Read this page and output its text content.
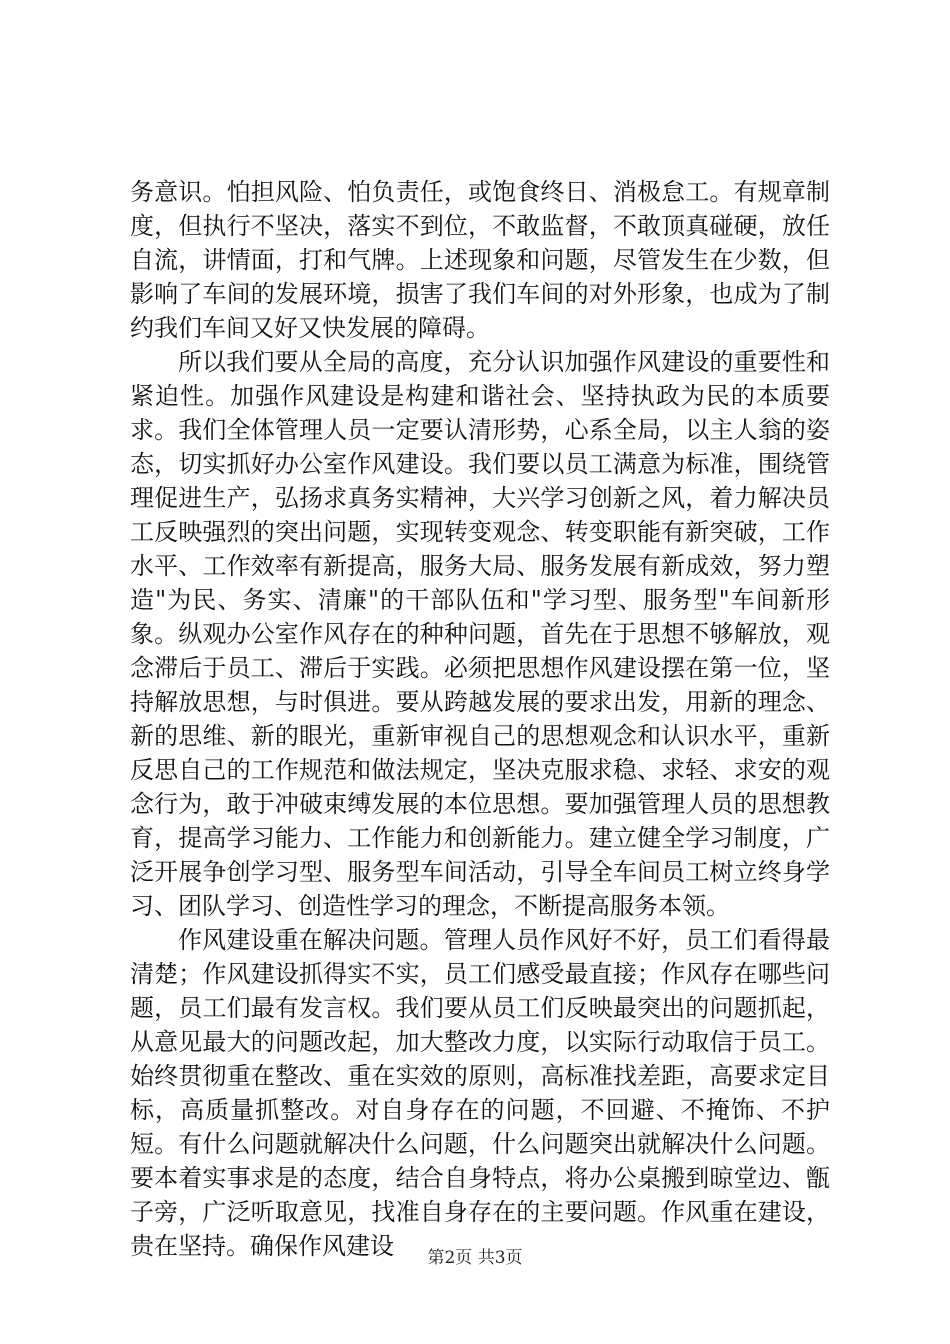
务意识。怕担风险、怕负责任，或饱食终日、消极怠工。有规章制度，但执行不坚决，落实不到位，不敢监督，不敢顶真碰硬，放任自流，讲情面，打和气牌。上述现象和问题，尽管发生在少数，但影响了车间的发展环境，损害了我们车间的对外形象，也成为了制约我们车间又好又快发展的障碍。

所以我们要从全局的高度，充分认识加强作风建设的重要性和紧迫性。加强作风建设是构建和谐社会、坚持执政为民的本质要求。我们全体管理人员一定要认清形势，心系全局，以主人翁的姿态，切实抓好办公室作风建设。我们要以员工满意为标准，围绕管理促进生产，弘扬求真务实精神，大兴学习创新之风，着力解决员工反映强烈的突出问题，实现转变观念、转变职能有新突破，工作水平、工作效率有新提高，服务大局、服务发展有新成效，努力塑造"为民、务实、清廉"的干部队伍和"学习型、服务型"车间新形象。纵观办公室作风存在的种种问题，首先在于思想不够解放，观念滞后于员工、滞后于实践。必须把思想作风建设摆在第一位，坚持解放思想，与时俱进。要从跨越发展的要求出发，用新的理念、新的思维、新的眼光，重新审视自己的思想观念和认识水平，重新反思自己的工作规范和做法规定，坚决克服求稳、求轻、求安的观念行为，敢于冲破束缚发展的本位思想。要加强管理人员的思想教育，提高学习能力、工作能力和创新能力。建立健全学习制度，广泛开展争创学习型、服务型车间活动，引导全车间员工树立终身学习、团队学习、创造性学习的理念，不断提高服务本领。

作风建设重在解决问题。管理人员作风好不好，员工们看得最清楚；作风建设抓得实不实，员工们感受最直接；作风存在哪些问题，员工们最有发言权。我们要从员工们反映最突出的问题抓起，从意见最大的问题改起，加大整改力度，以实际行动取信于员工。始终贯彻重在整改、重在实效的原则，高标准找差距，高要求定目标，高质量抓整改。对自身存在的问题，不回避、不掩饰、不护短。有什么问题就解决什么问题，什么问题突出就解决什么问题。要本着实事求是的态度，结合自身特点，将办公桌搬到晾堂边、甑子旁，广泛听取意见，找准自身存在的主要问题。作风重在建设，贵在坚持。确保作风建设	第2页 共3页
